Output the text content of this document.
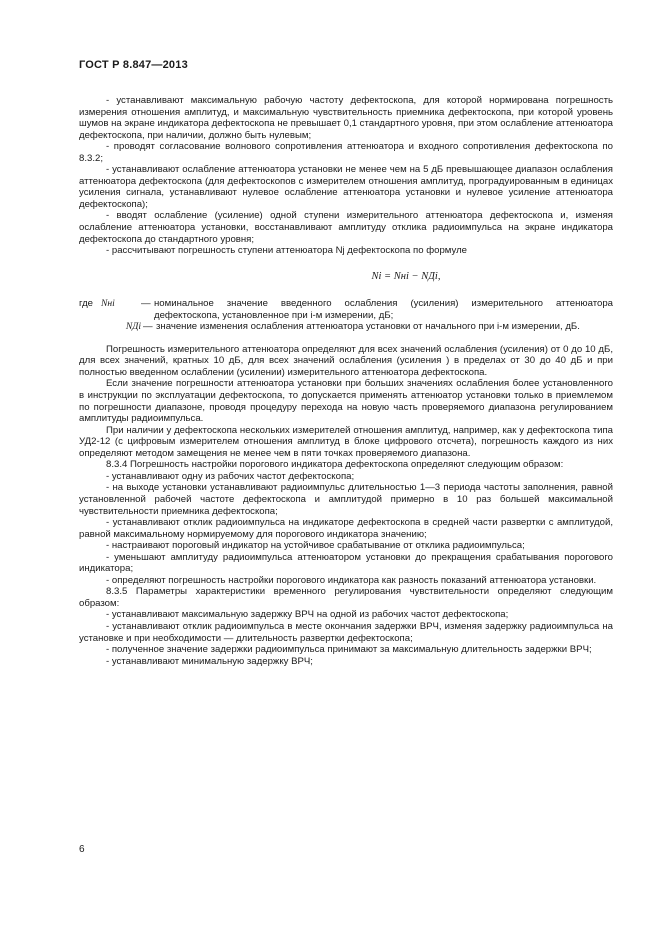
ГОСТ Р 8.847—2013

- устанавливают максимальную рабочую частоту дефектоскопа, для которой нормирована погрешность измерения отношения амплитуд, и максимальную чувствительность приемника дефектоскопа, при которой уровень шумов на экране индикатора дефектоскопа не превышает 0,1 стандартного уровня, при этом ослабление аттенюатора дефектоскопа, при наличии, должно быть нулевым;

- проводят согласование волнового сопротивления аттенюатора и входного сопротивления дефектоскопа по 8.3.2;

- устанавливают ослабление аттенюатора установки не менее чем на 5 дБ превышающее диапазон ослабления аттенюатора дефектоскопа (для дефектоскопов с измерителем отношения амплитуд, проградуированным в единицах усиления сигнала, устанавливают нулевое ослабление аттенюатора установки и нулевое усиление аттенюатора дефектоскопа);

- вводят ослабление (усиление) одной ступени измерительного аттенюатора дефектоскопа и, изменяя ослабление аттенюатора установки, восстанавливают амплитуду отклика радиоимпульса на экране индикатора дефектоскопа до стандартного уровня;

- рассчитывают погрешность ступени аттенюатора Nj дефектоскопа по формуле

Ni = Nнi − NДi,
где Nнi	— номинальное значение введенного ослабления (усиления) измерительного аттенюатора дефектоскопа, установленное при i-м измерении, дБ;
NДi — значение изменения ослабления аттенюатора установки от начального при i-м измерении, дБ.

Погрешность измерительного аттенюатора определяют для всех значений ослабления (усиления) от 0 до 10 дБ, для всех значений, кратных 10 дБ, для всех значений ослабления (усиления ) в пределах от 30 до 40 дБ и при полностью введенном ослаблении (усилении) измерительного аттенюатора дефектоскопа.

Если значение погрешности аттенюатора установки при больших значениях ослабления более установленного в инструкции по эксплуатации дефектоскопа, то допускается применять аттенюатор установки только в приемлемом по погрешности диапазоне, проводя процедуру перехода на новую часть проверяемого диапазона регулированием амплитуды радиоимпульса.

При наличии у дефектоскопа нескольких измерителей отношения амплитуд, например, как у дефектоскопа типа УД2-12 (с цифровым измерителем отношения амплитуд в блоке цифрового отсчета), погрешность каждого из них определяют методом замещения не менее чем в пяти точках проверяемого диапазона.

8.3.4 Погрешность настройки порогового индикатора дефектоскопа определяют следующим образом:

- устанавливают одну из рабочих частот дефектоскопа;

- на выходе установки устанавливают радиоимпульс длительностью 1—3 периода частоты заполнения, равной установленной рабочей частоте дефектоскопа и амплитудой примерно в 10 раз большей максимальной чувствительности приемника дефектоскопа;

- устанавливают отклик радиоимпульса на индикаторе дефектоскопа в средней части развертки с амплитудой, равной максимальному нормируемому для порогового индикатора значению;

- настраивают пороговый индикатор на устойчивое срабатывание от отклика радиоимпульса;

- уменьшают амплитуду радиоимпульса аттенюатором установки до прекращения срабатывания порогового индикатора;

- определяют погрешность настройки порогового индикатора как разность показаний аттенюатора установки.

8.3.5 Параметры характеристики временного регулирования чувствительности определяют следующим образом:

- устанавливают максимальную задержку ВРЧ на одной из рабочих частот дефектоскопа;

- устанавливают отклик радиоимпульса в месте окончания задержки ВРЧ, изменяя задержку радиоимпульса на установке и при необходимости — длительность развертки дефектоскопа;

- полученное значение задержки радиоимпульса принимают за максимальную длительность задержки ВРЧ;

- устанавливают минимальную задержку ВРЧ;

6
